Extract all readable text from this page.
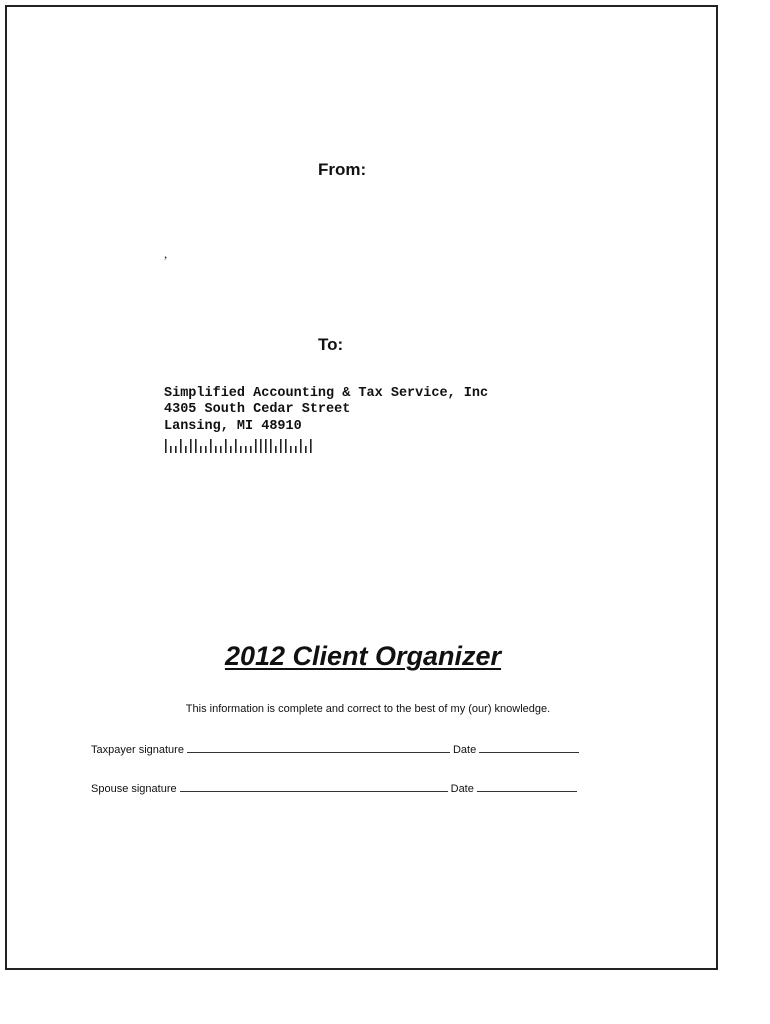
From:
,
To:
Simplified Accounting & Tax Service, Inc
4305 South Cedar Street
Lansing, MI 48910
2012 Client Organizer
This information is complete and correct to the best of my (our) knowledge.
Taxpayer signature	Date
Spouse signature	Date
